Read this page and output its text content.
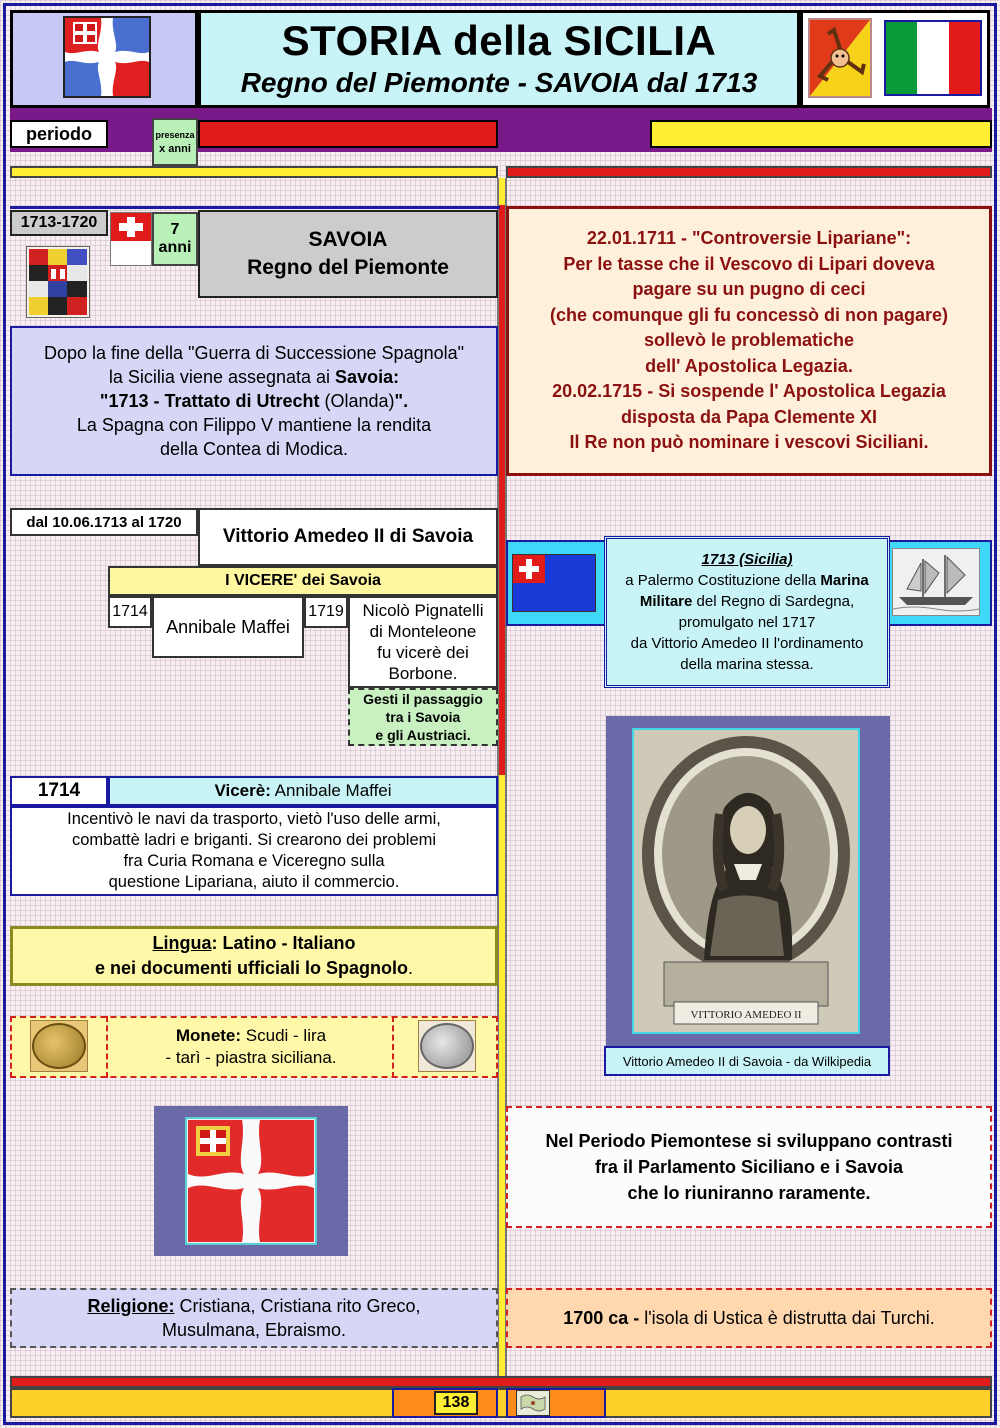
STORIA della SICILIA
Regno del Piemonte - SAVOIA dal 1713
periodo	presenza
x anni
1713-1720	7
anni	SAVOIA
Regno del Piemonte
Dopo la fine della "Guerra di Successione Spagnola"
la Sicilia viene assegnata ai Savoia:
"1713 - Trattato di Utrecht (Olanda)".
La Spagna con Filippo V mantiene la rendita
della Contea di Modica.
dal 10.06.1713 al 1720
Vittorio Amedeo II di Savoia
I VICERE' dei Savoia
1714
Annibale Maffei
1719 Nicolò Pignatelli
di Monteleone
fu vicerè dei
Borbone.
Gesti il passaggio
tra i Savoia
e gli Austriaci.
1714	Vicerè: Annibale Maffei
Incentivò le navi da trasporto, vietò l'uso delle armi,
combattè ladri e briganti. Si crearono dei problemi
fra Curia Romana e Viceregno sulla
questione Lipariana, aiuto il commercio.
Lingua: Latino - Italiano
e nei documenti ufficiali lo Spagnolo.
Monete: Scudi - lira
- tarì - piastra siciliana.
Religione: Cristiana, Cristiana rito Greco,
Musulmana, Ebraismo.
22.01.1711 - "Controversie Lipariane":
Per le tasse che il Vescovo di Lipari doveva
pagare su un pugno di ceci
(che comunque gli fu concessò di non pagare)
sollevò le problematiche
dell' Apostolica Legazia.
20.02.1715 - Si sospende l' Apostolica Legazia
disposta da Papa Clemente XI
Il Re non può nominare i vescovi Siciliani.
1713 (Sicilia)
a Palermo Costituzione della Marina
Militare del Regno di Sardegna,
promulgato nel 1717
da Vittorio Amedeo II l'ordinamento
della marina stessa.
VITTORIO AMEDEO II
Vittorio Amedeo II di Savoia - da Wilkipedia
Nel Periodo Piemontese si sviluppano contrasti
fra il Parlamento Siciliano e i Savoia
che lo riuniranno raramente.
1700 ca - l'isola di Ustica è distrutta dai Turchi.
138
